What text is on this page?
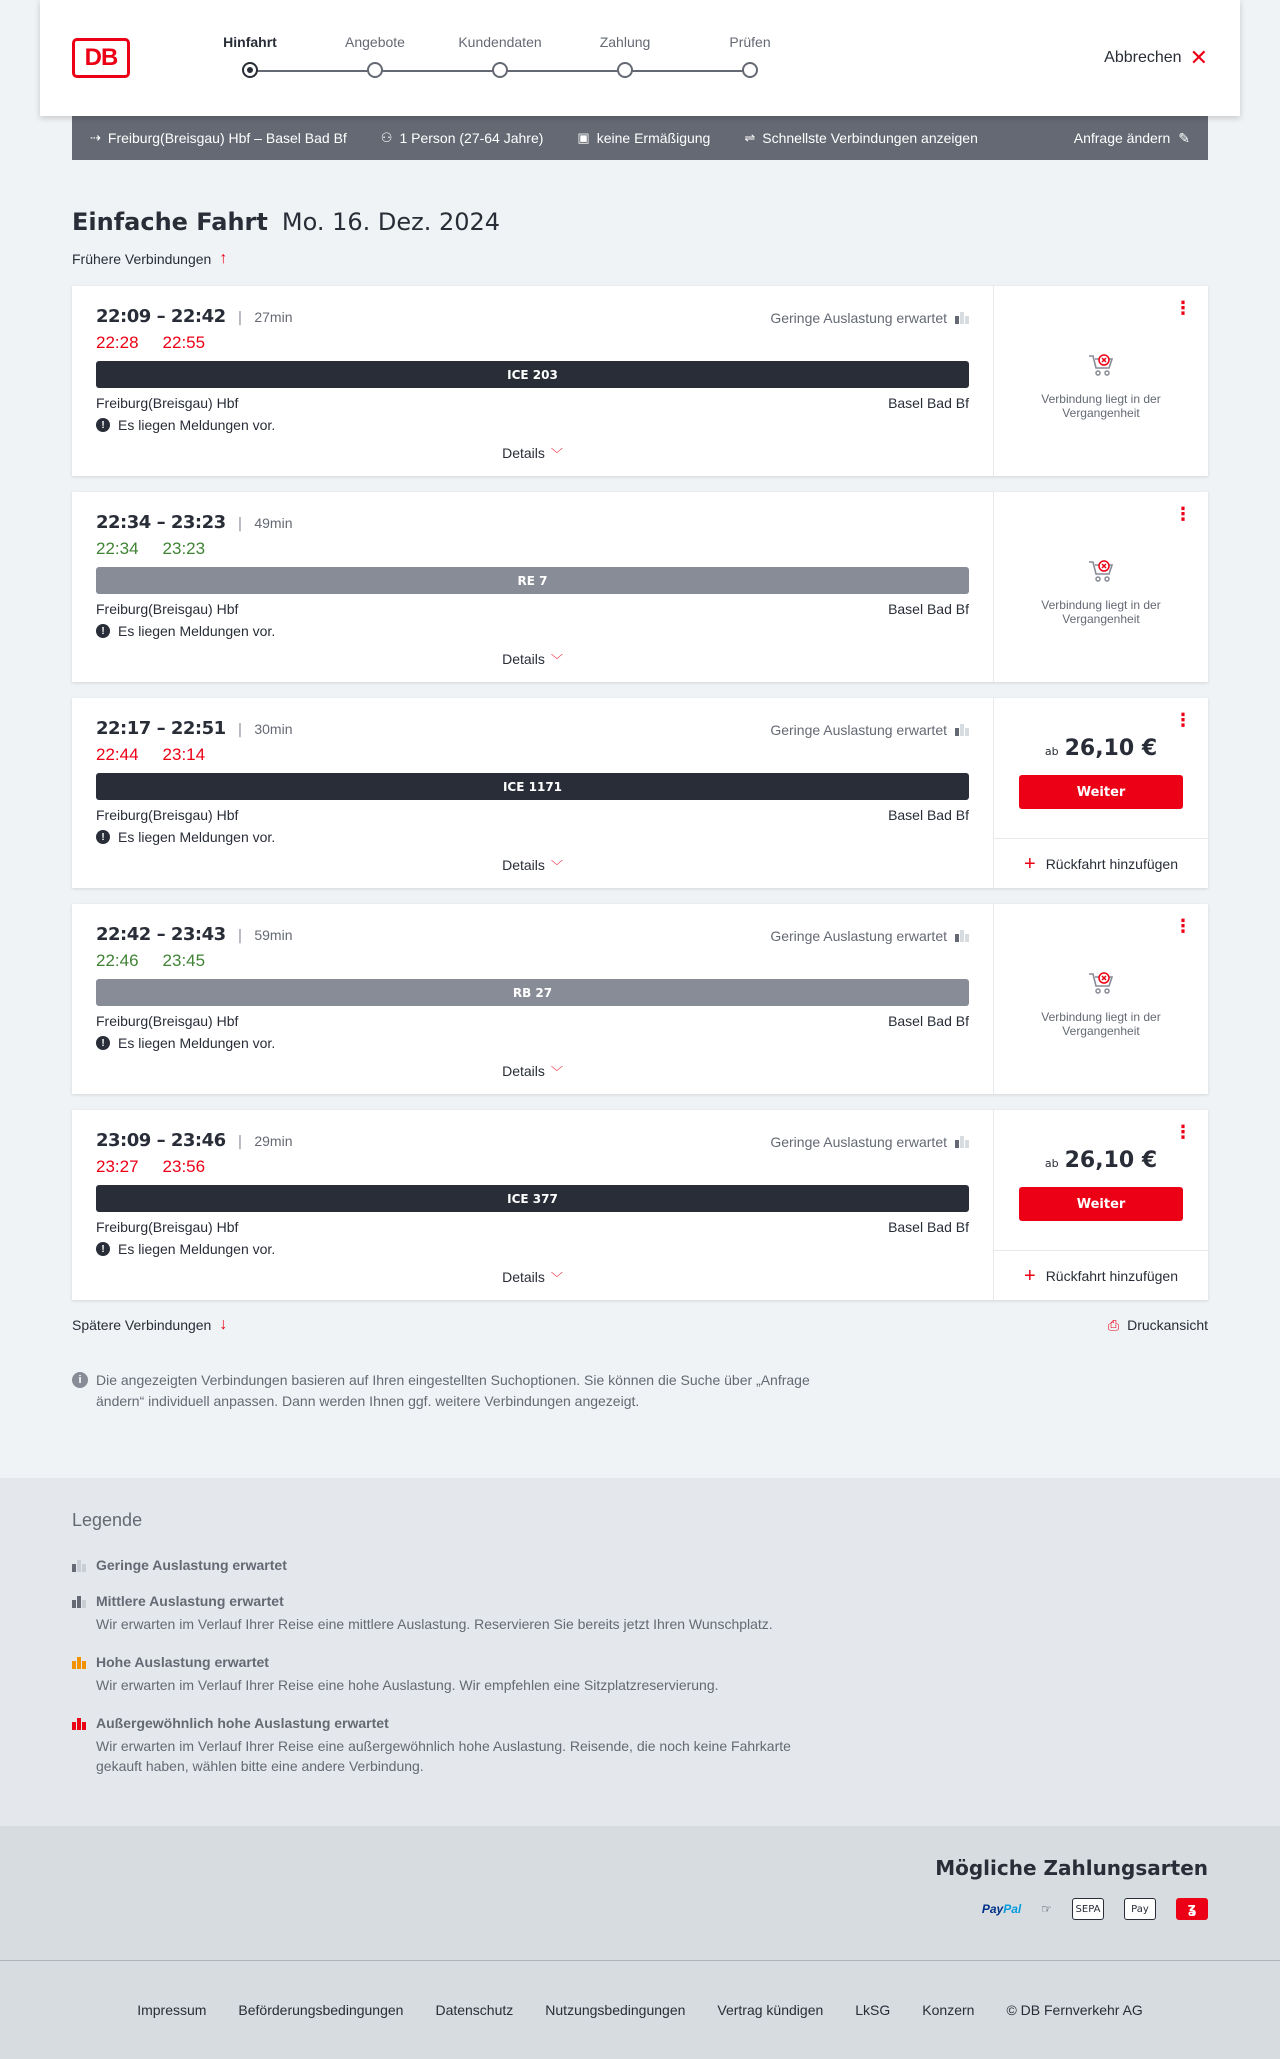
DB
Hinfahrt	Angebote	Kundendaten	Zahlung	Prüfen
Abbrechen ✕
⇢ Freiburg(Breisgau) Hbf – Basel Bad Bf	⚇ 1 Person (27-64 Jahre)	▣ keine Ermäßigung	⇌ Schnellste Verbindungen anzeigen	Anfrage ändern ✎
Einfache Fahrt Mo. 16. Dez. 2024
Frühere Verbindungen ↑
22:09 – 22:42 | 27min	Geringe Auslastung erwartet
22:28 22:55
ICE 203
Freiburg(Breisgau) Hbf	Basel Bad Bf
! Es liegen Meldungen vor.
Details ﹀
⋮
Verbindung liegt in der Vergangenheit
22:34 – 23:23 | 49min
22:34 23:23
RE 7
Freiburg(Breisgau) Hbf	Basel Bad Bf
! Es liegen Meldungen vor.
Details ﹀
⋮
Verbindung liegt in der Vergangenheit
22:17 – 22:51 | 30min	Geringe Auslastung erwartet
22:44 23:14
ICE 1171
Freiburg(Breisgau) Hbf	Basel Bad Bf
! Es liegen Meldungen vor.
Details ﹀
⋮
ab 26,10 €
Weiter
+ Rückfahrt hinzufügen
22:42 – 23:43 | 59min	Geringe Auslastung erwartet
22:46 23:45
RB 27
Freiburg(Breisgau) Hbf	Basel Bad Bf
! Es liegen Meldungen vor.
Details ﹀
⋮
Verbindung liegt in der Vergangenheit
23:09 – 23:46 | 29min	Geringe Auslastung erwartet
23:27 23:56
ICE 377
Freiburg(Breisgau) Hbf	Basel Bad Bf
! Es liegen Meldungen vor.
Details ﹀
⋮
ab 26,10 €
Weiter
+ Rückfahrt hinzufügen
Spätere Verbindungen ↓	⎙ Druckansicht
i	Die angezeigten Verbindungen basieren auf Ihren eingestellten Suchoptionen. Sie können die Suche über „Anfrage ändern“ individuell anpassen. Dann werden Ihnen ggf. weitere Verbindungen angezeigt.
Legende
Geringe Auslastung erwartet
Mittlere Auslastung erwartet
Wir erwarten im Verlauf Ihrer Reise eine mittlere Auslastung. Reservieren Sie bereits jetzt Ihren Wunschplatz.
Hohe Auslastung erwartet
Wir erwarten im Verlauf Ihrer Reise eine hohe Auslastung. Wir empfehlen eine Sitzplatzreservierung.
Außergewöhnlich hohe Auslastung erwartet
Wir erwarten im Verlauf Ihrer Reise eine außergewöhnlich hohe Auslastung. Reisende, die noch keine Fahrkarte gekauft haben, wählen bitte eine andere Verbindung.
Mögliche Zahlungsarten
PayPal ☞	SEPA	Pay	ʓ
Impressum Beförderungsbedingungen Datenschutz Nutzungsbedingungen Vertrag kündigen LkSG Konzern © DB Fernverkehr AG
